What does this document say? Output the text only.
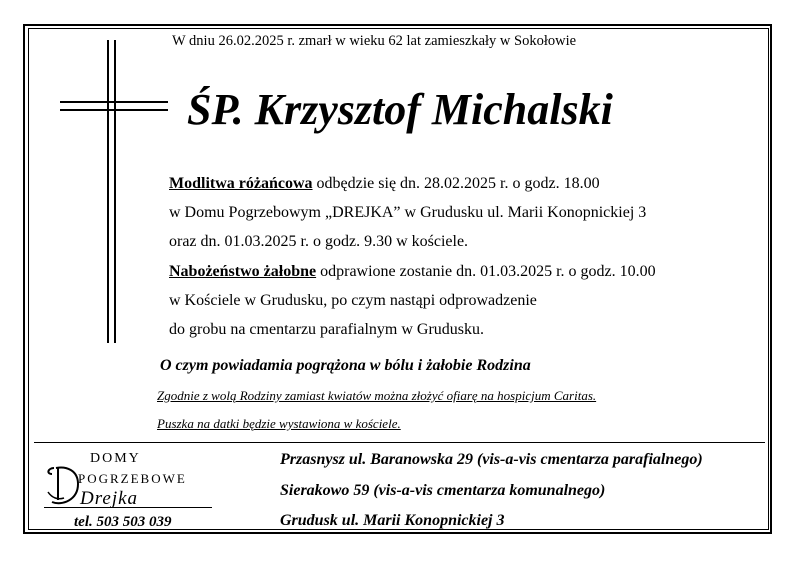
W dniu 26.02.2025 r. zmarł w wieku 62 lat zamieszkały w Sokołowie
ŚP. Krzysztof Michalski
Modlitwa różańcowa odbędzie się dn. 28.02.2025 r. o godz. 18.00
w Domu Pogrzebowym „DREJKA” w Grudusku ul. Marii Konopnickiej 3
oraz dn. 01.03.2025 r. o godz. 9.30 w kościele.
Nabożeństwo żałobne odprawione zostanie dn. 01.03.2025 r. o godz. 10.00
w Kościele w Grudusku, po czym nastąpi odprowadzenie
do grobu na cmentarzu parafialnym w Grudusku.
O czym powiadamia pogrążona w bólu i żałobie Rodzina
Zgodnie z wolą Rodziny zamiast kwiatów można złożyć ofiarę na hospicjum Caritas.
Puszka na datki będzie wystawiona w kościele.
DOMY
POGRZEBOWE
Drejka
tel. 503 503 039
Przasnysz ul. Baranowska 29 (vis-a-vis cmentarza parafialnego)
Sierakowo 59 (vis-a-vis cmentarza komunalnego)
Grudusk ul. Marii Konopnickiej 3
